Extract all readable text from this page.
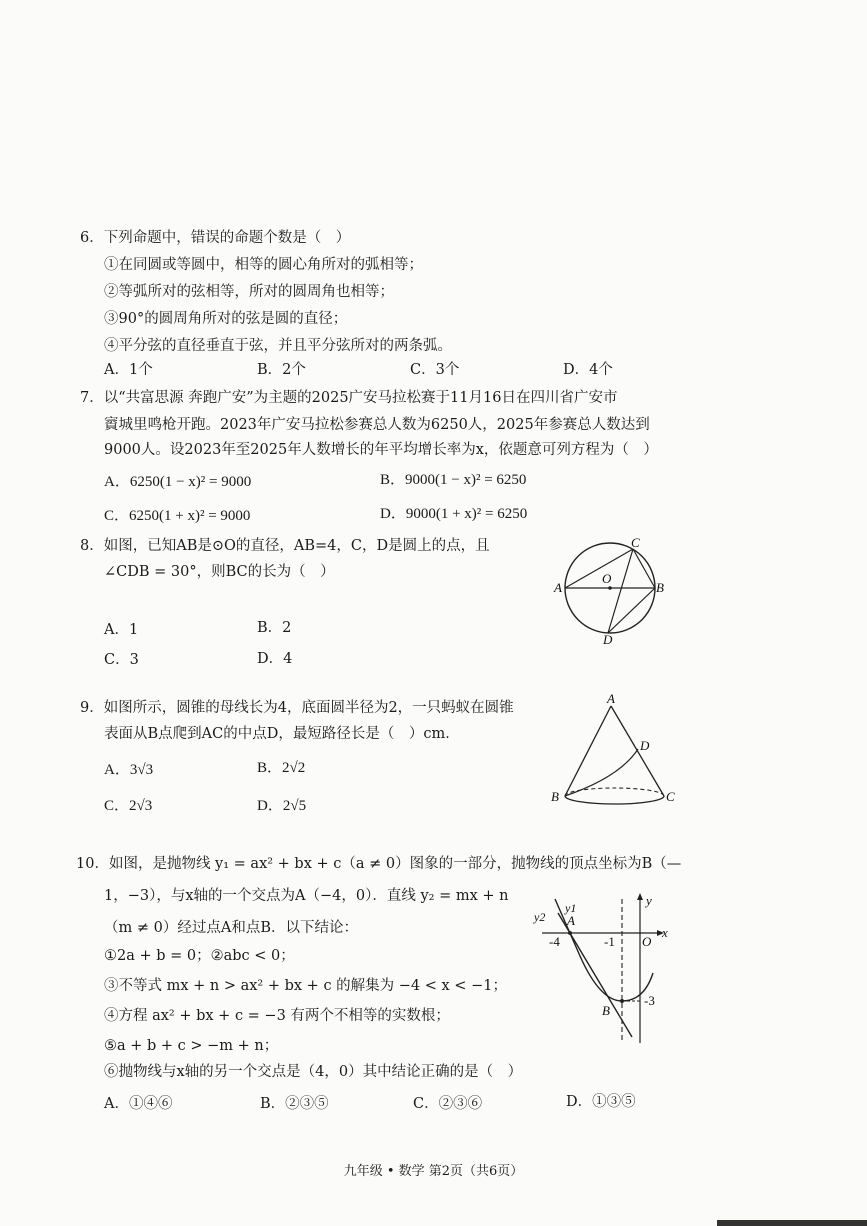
6．下列命题中，错误的命题个数是（　）
①在同圆或等圆中，相等的圆心角所对的弧相等；
②等弧所对的弦相等，所对的圆周角也相等；
③90°的圆周角所对的弦是圆的直径；
④平分弦的直径垂直于弦，并且平分弦所对的两条弧。
A．1个	B．2个	C．3个	D．4个
7．以“共富思源 奔跑广安”为主题的2025广安马拉松赛于11月16日在四川省广安市
賨城里鸣枪开跑。2023年广安马拉松参赛总人数为6250人，2025年参赛总人数达到
9000人。设2023年至2025年人数增长的年平均增长率为x，依题意可列方程为（　）
A．6250(1 − x)² = 9000	B．9000(1 − x)² = 6250
C．6250(1 + x)² = 9000	D．9000(1 + x)² = 6250
8．如图，已知AB是⊙O的直径，AB=4，C，D是圆上的点，且
∠CDB = 30°，则BC的长为（　）
A．1	B．2
C．3	D．4
A	B
C
D
O
9．如图所示，圆锥的母线长为4，底面圆半径为2，一只蚂蚁在圆锥
表面从B点爬到AC的中点D，最短路径长是（　）cm．
A．3√3	B．2√2
C．2√3	D．2√5
A
B	C
D
10．如图，是抛物线 y₁ = ax² + bx + c（a ≠ 0）图象的一部分，抛物线的顶点坐标为B（—
1，−3），与x轴的一个交点为A（−4，0）．直线 y₂ = mx + n
（m ≠ 0）经过点A和点B．以下结论：
①2a + b = 0；②abc < 0；
③不等式 mx + n > ax² + bx + c 的解集为 −4 < x < −1；
④方程 ax² + bx + c = −3 有两个不相等的实数根；
⑤a + b + c > −m + n；
⑥抛物线与x轴的另一个交点是（4，0）其中结论正确的是（　）
A．①④⑥	B．②③⑤	C．②③⑥	D．①③⑤
y2
y1
A
-4	-1 O
x
y
-3
B
九年级 • 数学 第2页（共6页）
